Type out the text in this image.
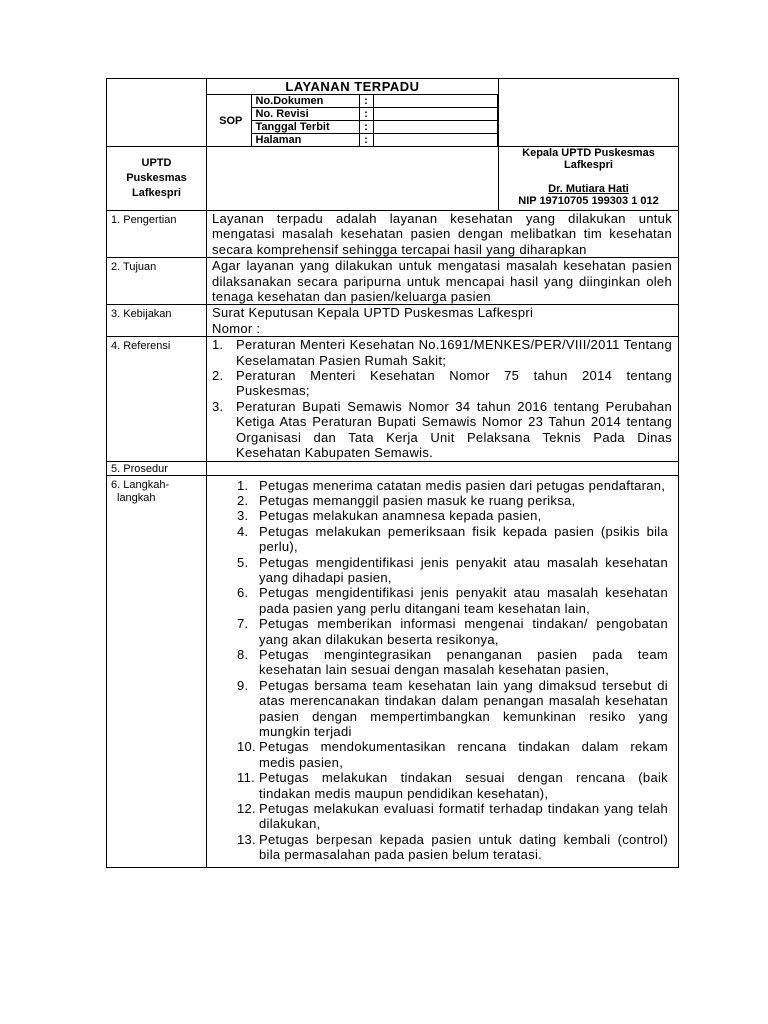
LAYANAN TERPADU
SOP	No.Dokumen	:	
No. Revisi	:	
Tanggal Terbit	:	
Halaman	:	

UPTD
Puskesmas
Lafkespri

Kepala UPTD Puskesmas
Lafkespri
Dr. Mutiara Hati
NIP 19710705 199303 1 012

1. Pengertian	Layanan terpadu adalah layanan kesehatan yang dilakukan untuk mengatasi masalah kesehatan pasien dengan melibatkan tim kesehatan secara komprehensif sehingga tercapai hasil yang diharapkan
2. Tujuan	Agar layanan yang dilakukan untuk mengatasi masalah kesehatan pasien dilaksanakan secara paripurna untuk mencapai hasil yang diinginkan oleh tenaga kesehatan dan pasien/keluarga pasien
3. Kebijakan	Surat Keputusan Kepala UPTD Puskesmas Lafkespri
Nomor :

4. Referensi	1. Peraturan Menteri Kesehatan No.1691/MENKES/PER/VIII/2011 Tentang Keselamatan Pasien Rumah Sakit;
2. Peraturan Menteri Kesehatan Nomor 75 tahun 2014 tentang Puskesmas;
3. Peraturan Bupati Semawis Nomor 34 tahun 2016 tentang Perubahan Ketiga Atas Peraturan Bupati Semawis Nomor 23 Tahun 2014 tentang Organisasi dan Tata Kerja Unit Pelaksana Teknis Pada Dinas Kesehatan Kabupaten Semawis.

5. Prosedur	
6. Langkah-langkah	
1. Petugas menerima catatan medis pasien dari petugas pendaftaran,
2. Petugas memanggil pasien masuk ke ruang periksa,
3. Petugas melakukan anamnesa kepada pasien,
4. Petugas melakukan pemeriksaan fisik kepada pasien (psikis bila perlu),
5. Petugas mengidentifikasi jenis penyakit atau masalah kesehatan yang dihadapi pasien,
6. Petugas mengidentifikasi jenis penyakit atau masalah kesehatan pada pasien yang perlu ditangani team kesehatan lain,
7. Petugas memberikan informasi mengenai tindakan/ pengobatan yang akan dilakukan beserta resikonya,
8. Petugas mengintegrasikan penanganan pasien pada team kesehatan lain sesuai dengan masalah kesehatan pasien,
9. Petugas bersama team kesehatan lain yang dimaksud tersebut di atas merencanakan tindakan dalam penangan masalah kesehatan pasien dengan mempertimbangkan kemunkinan resiko yang mungkin terjadi
10. Petugas mendokumentasikan rencana tindakan dalam rekam medis pasien,
11. Petugas melakukan tindakan sesuai dengan rencana (baik tindakan medis maupun pendidikan kesehatan),
12. Petugas melakukan evaluasi formatif terhadap tindakan yang telah dilakukan,
13. Petugas berpesan kepada pasien untuk dating kembali (control) bila permasalahan pada pasien belum teratasi.
